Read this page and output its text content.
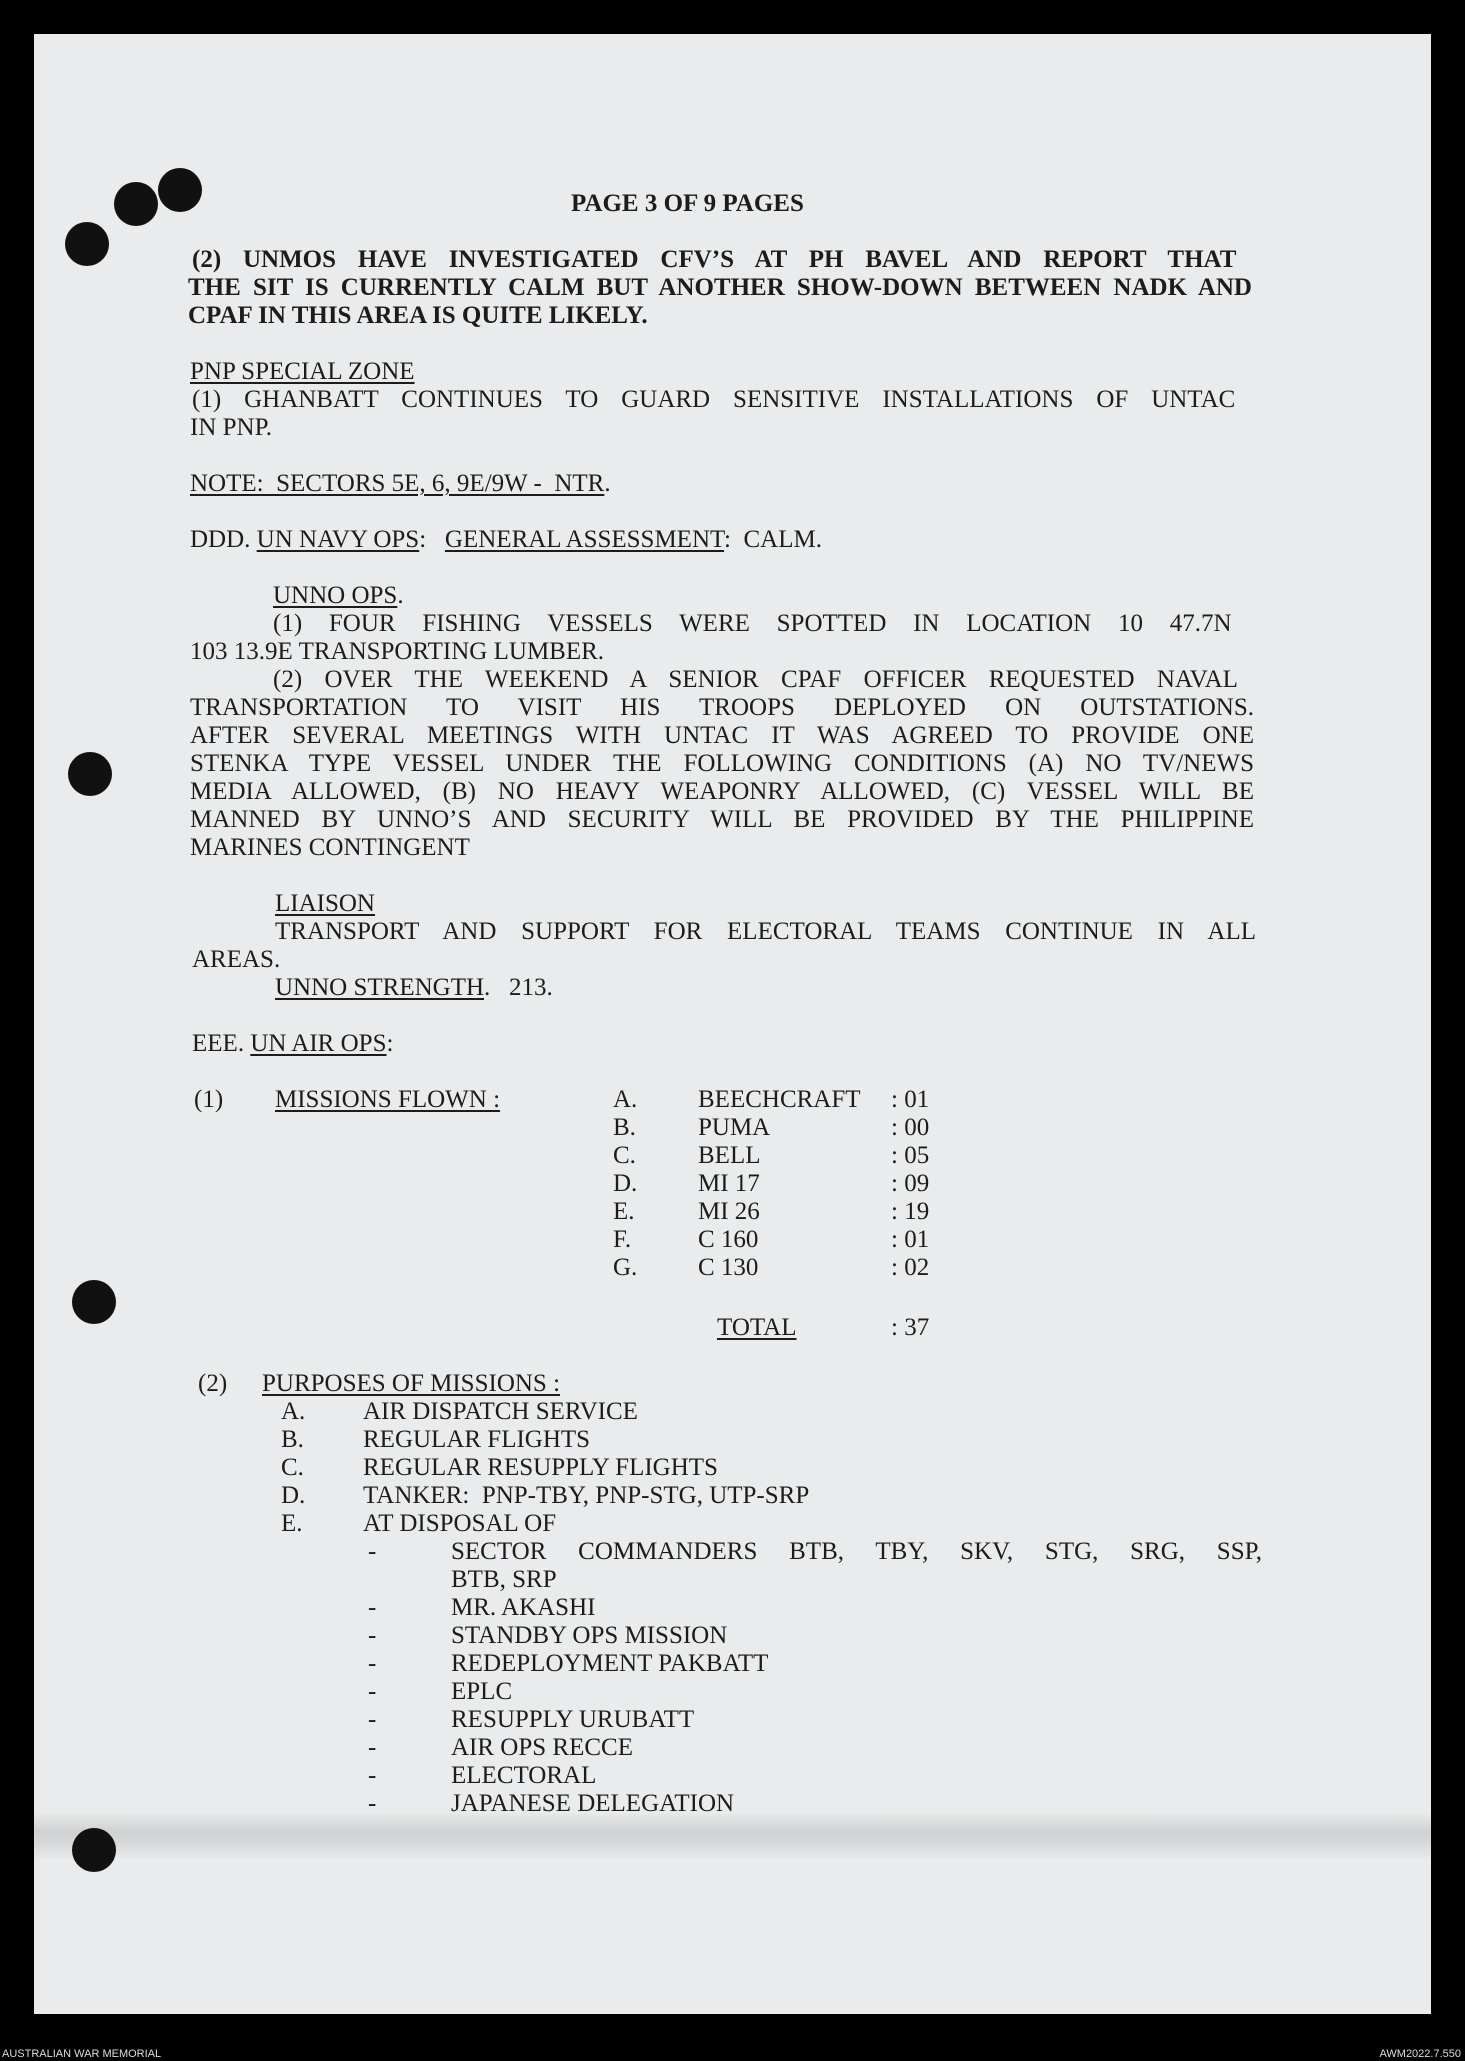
PAGE 3 OF 9 PAGES
(2) UNMOS HAVE INVESTIGATED CFV’S AT PH BAVEL AND REPORT THAT
THE SIT IS CURRENTLY CALM BUT ANOTHER SHOW-DOWN BETWEEN NADK AND
CPAF IN THIS AREA IS QUITE LIKELY.
PNP SPECIAL ZONE
(1) GHANBATT CONTINUES TO GUARD SENSITIVE INSTALLATIONS OF UNTAC
IN PNP.
NOTE:  SECTORS 5E, 6, 9E/9W -  NTR.
DDD. UN NAVY OPS: GENERAL ASSESSMENT:  CALM.
UNNO OPS.
(1) FOUR FISHING VESSELS WERE SPOTTED IN LOCATION 10 47.7N
103 13.9E TRANSPORTING LUMBER.
(2) OVER THE WEEKEND A SENIOR CPAF OFFICER REQUESTED NAVAL
TRANSPORTATION TO VISIT HIS TROOPS DEPLOYED ON OUTSTATIONS.
AFTER SEVERAL MEETINGS WITH UNTAC IT WAS AGREED TO PROVIDE ONE
STENKA TYPE VESSEL UNDER THE FOLLOWING CONDITIONS (A) NO TV/NEWS
MEDIA ALLOWED, (B) NO HEAVY WEAPONRY ALLOWED, (C) VESSEL WILL BE
MANNED BY UNNO’S AND SECURITY WILL BE PROVIDED BY THE PHILIPPINE
MARINES CONTINGENT
LIAISON
TRANSPORT AND SUPPORT FOR ELECTORAL TEAMS CONTINUE IN ALL
AREAS.
UNNO STRENGTH.   213.
EEE. UN AIR OPS:
(1) MISSIONS FLOWN :	A. BEECHCRAFT : 01
B. PUMA	: 00
C. BELL	: 05
D. MI 17	: 09
E.	MI 26	: 19
F.	C 160	: 01
G. C 130	: 02
TOTAL	: 37
(2) PURPOSES OF MISSIONS :
A. AIR DISPATCH SERVICE
B. REGULAR FLIGHTS
C. REGULAR RESUPPLY FLIGHTS
D. TANKER:  PNP-TBY, PNP-STG, UTP-SRP
E. AT DISPOSAL OF
-	SECTOR COMMANDERS BTB, TBY, SKV, STG, SRG, SSP,
BTB, SRP
-	MR. AKASHI
-	STANDBY OPS MISSION
-	REDEPLOYMENT PAKBATT
-	EPLC
-	RESUPPLY URUBATT
-	AIR OPS RECCE
-	ELECTORAL
-	JAPANESE DELEGATION
AUSTRALIAN WAR MEMORIAL	AWM2022.7.550
